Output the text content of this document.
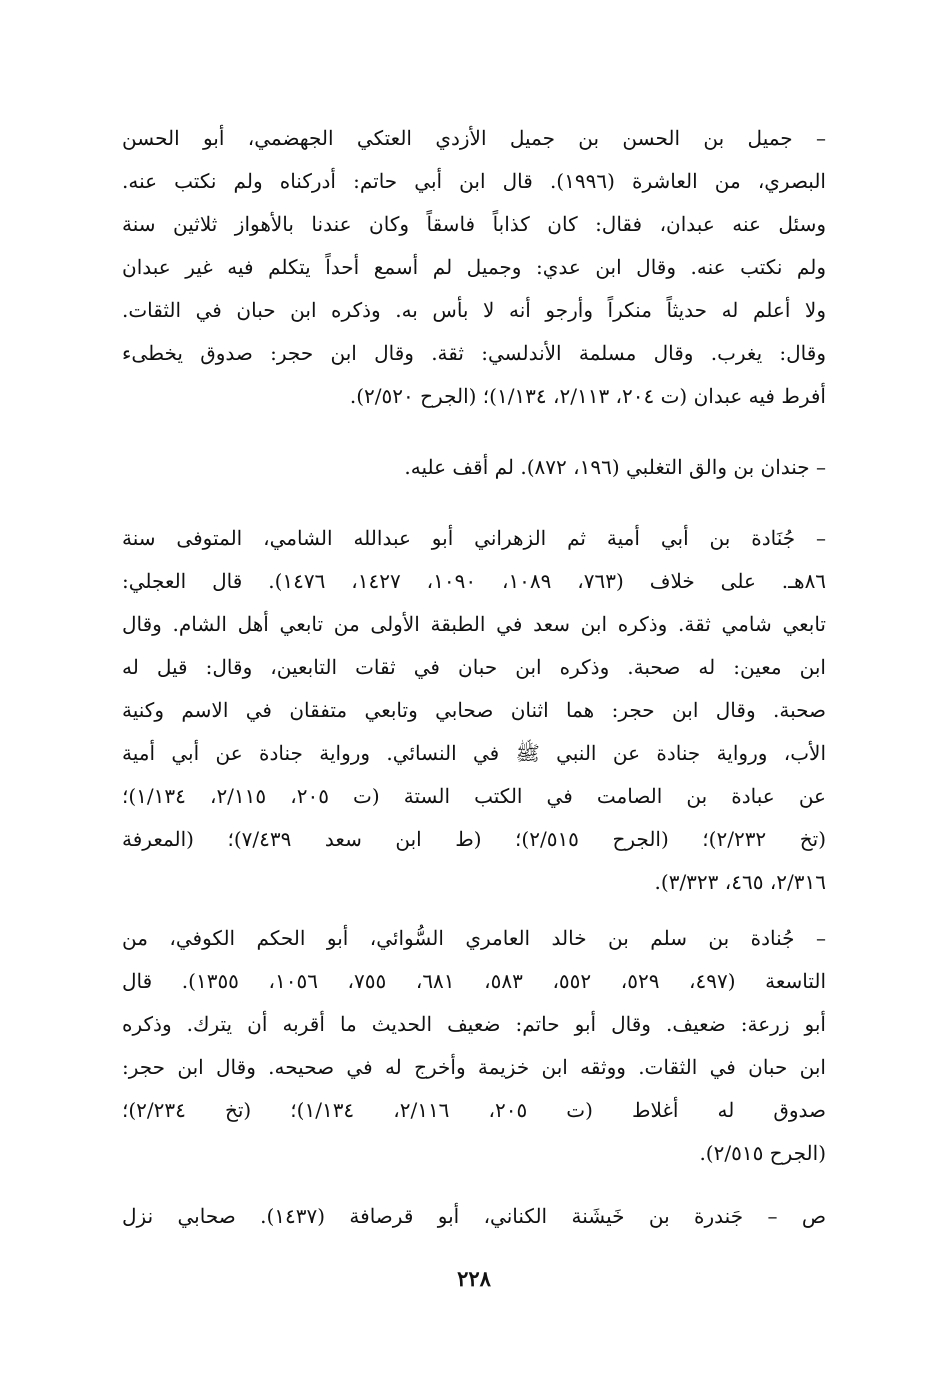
– جميل بن الحسن بن جميل الأزدي العتكي الجهضمي، أبو الحسن
البصري، من العاشرة (١٩٩٦). قال ابن أبي حاتم: أدركناه ولم نكتب عنه.
وسئل عنه عبدان، فقال: كان كذاباً فاسقاً وكان عندنا بالأهواز ثلاثين سنة
ولم نكتب عنه. وقال ابن عدي: وجميل لم أسمع أحداً يتكلم فيه غير عبدان
ولا أعلم له حديثاً منكراً وأرجو أنه لا بأس به. وذكره ابن حبان في الثقات.
وقال: يغرب. وقال مسلمة الأندلسي: ثقة. وقال ابن حجر: صدوق يخطىء
أفرط فيه عبدان (ت ٢٠٤، ٢/١١٣، ١/١٣٤)؛ (الجرح ٢/٥٢٠).
– جندان بن والق التغلبي (١٩٦، ٨٧٢). لم أقف عليه.
– جُنَادة بن أبي أمية ثم الزهراني أبو عبدالله الشامي، المتوفى سنة
٨٦هـ. على خلاف (٧٦٣، ١٠٨٩، ١٠٩٠، ١٤٢٧، ١٤٧٦). قال العجلي:
تابعي شامي ثقة. وذكره ابن سعد في الطبقة الأولى من تابعي أهل الشام. وقال
ابن معين: له صحبة. وذكره ابن حبان في ثقات التابعين، وقال: قيل له
صحبة. وقال ابن حجر: هما اثنان صحابي وتابعي متفقان في الاسم وكنية
الأب، ورواية جنادة عن النبي ﷺ في النسائي. ورواية جنادة عن أبي أمية
عن عبادة بن الصامت في الكتب الستة (ت ٢٠٥، ٢/١١٥، ١/١٣٤)؛
(تخ ٢/٢٣٢)؛ (الجرح ٢/٥١٥)؛ (ط ابن سعد ٧/٤٣٩)؛ (المعرفة
٢/٣١٦، ٤٦٥، ٣/٣٢٣).
– جُنادة بن سلم بن خالد العامري السُّوائي، أبو الحكم الكوفي، من
التاسعة (٤٩٧، ٥٢٩، ٥٥٢، ٥٨٣، ٦٨١، ٧٥٥، ١٠٥٦، ١٣٥٥). قال
أبو زرعة: ضعيف. وقال أبو حاتم: ضعيف الحديث ما أقربه أن يترك. وذكره
ابن حبان في الثقات. ووثقه ابن خزيمة وأخرج له في صحيحه. وقال ابن حجر:
صدوق له أغلاط (ت ٢٠٥، ٢/١١٦، ١/١٣٤)؛ (تخ ٢/٢٣٤)؛
(الجرح ٢/٥١٥).
ص – جَندرة بن خَيشَنة الكناني، أبو قرصافة (١٤٣٧). صحابي نزل
٢٢٨
